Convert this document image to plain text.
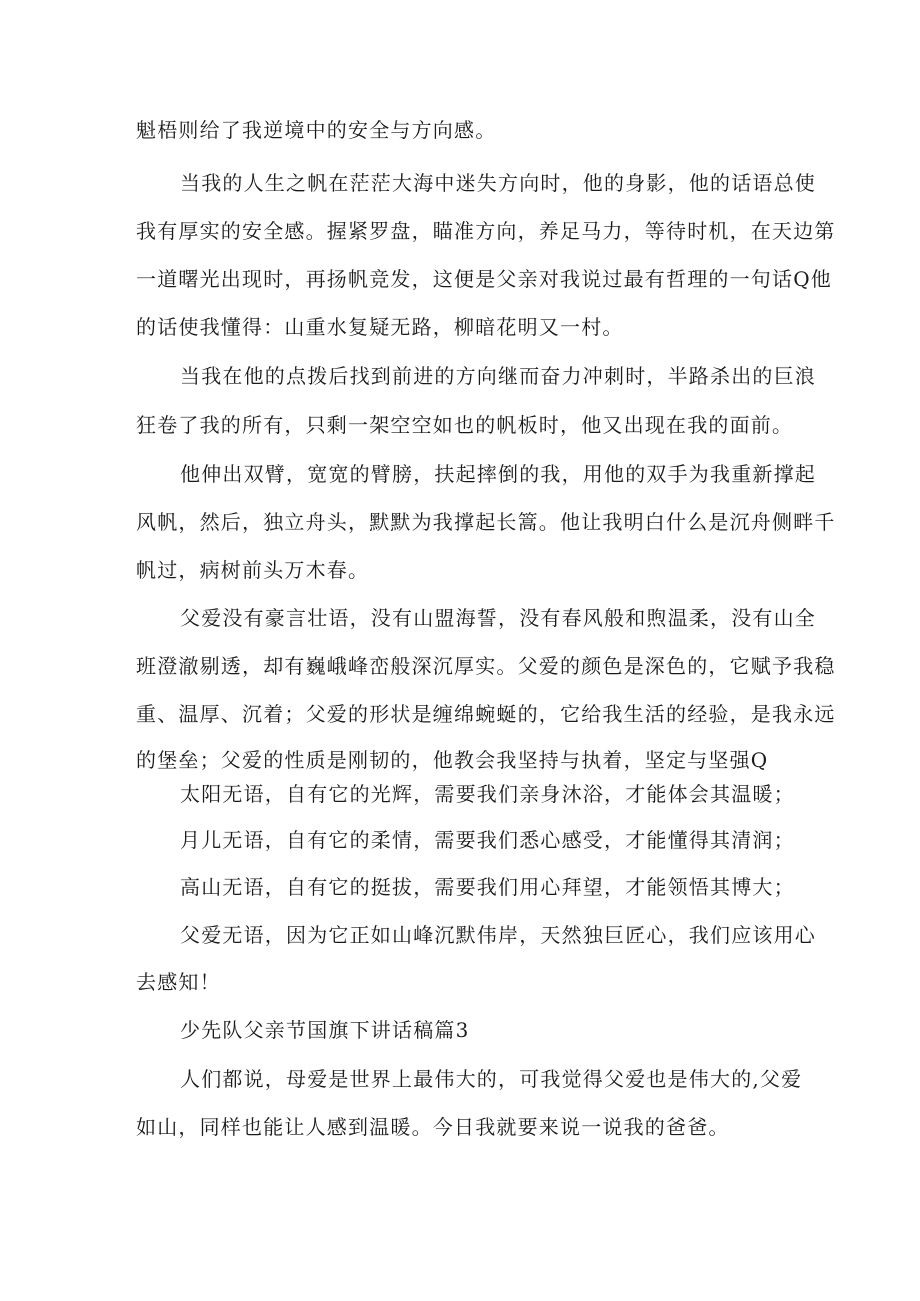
魁梧则给了我逆境中的安全与方向感。
当我的人生之帆在茫茫大海中迷失方向时，他的身影，他的话语总使
我有厚实的安全感。握紧罗盘，瞄准方向，养足马力，等待时机，在天边第
一道曙光出现时，再扬帆竞发，这便是父亲对我说过最有哲理的一句话Q他
的话使我懂得：山重水复疑无路，柳暗花明又一村。
当我在他的点拨后找到前进的方向继而奋力冲刺时，半路杀出的巨浪
狂卷了我的所有，只剩一架空空如也的帆板时，他又出现在我的面前。
他伸出双臂，宽宽的臂膀，扶起摔倒的我，用他的双手为我重新撑起
风帆，然后，独立舟头，默默为我撑起长篙。他让我明白什么是沉舟侧畔千
帆过，病树前头万木春。
父爱没有豪言壮语，没有山盟海誓，没有春风般和煦温柔，没有山全
班澄澈剔透，却有巍峨峰峦般深沉厚实。父爱的颜色是深色的，它赋予我稳
重、温厚、沉着；父爱的形状是缠绵蜿蜒的，它给我生活的经验，是我永远
的堡垒；父爱的性质是刚韧的，他教会我坚持与执着，坚定与坚强Q
太阳无语，自有它的光辉，需要我们亲身沐浴，才能体会其温暖；
月儿无语，自有它的柔情，需要我们悉心感受，才能懂得其清润；
高山无语，自有它的挺拔，需要我们用心拜望，才能领悟其博大；
父爱无语，因为它正如山峰沉默伟岸，天然独巨匠心，我们应该用心
去感知！
少先队父亲节国旗下讲话稿篇3
人们都说，母爱是世界上最伟大的，可我觉得父爱也是伟大的,父爱
如山，同样也能让人感到温暖。今日我就要来说一说我的爸爸。
